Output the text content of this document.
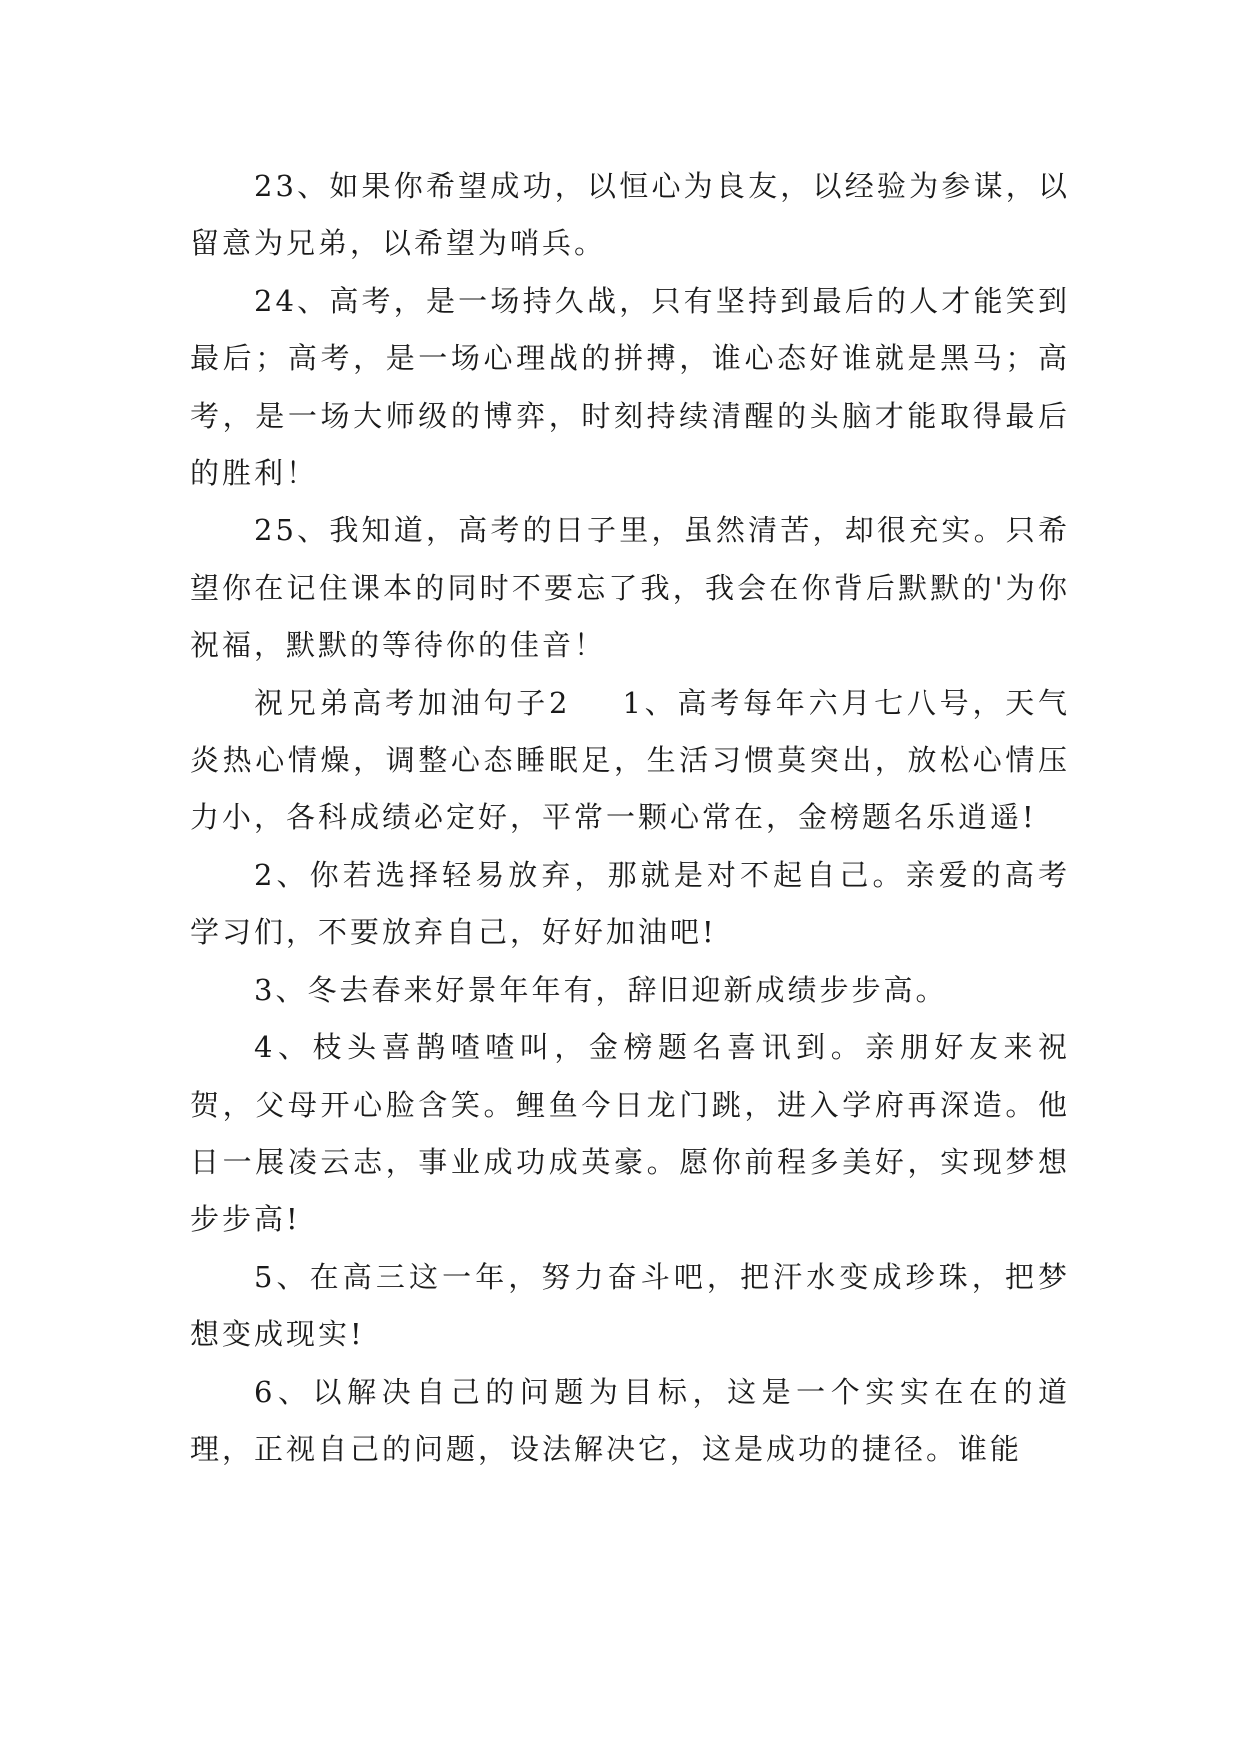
23、如果你希望成功，以恒心为良友，以经验为参谋，以留意为兄弟，以希望为哨兵。

24、高考，是一场持久战，只有坚持到最后的人才能笑到最后；高考，是一场心理战的拼搏，谁心态好谁就是黑马；高考，是一场大师级的博弈，时刻持续清醒的头脑才能取得最后的胜利！

25、我知道，高考的日子里，虽然清苦，却很充实。只希望你在记住课本的同时不要忘了我，我会在你背后默默的'为你祝福，默默的等待你的佳音！

祝兄弟高考加油句子2 1、高考每年六月七八号，天气炎热心情燥，调整心态睡眠足，生活习惯莫突出，放松心情压力小，各科成绩必定好，平常一颗心常在，金榜题名乐逍遥!

2、你若选择轻易放弃，那就是对不起自己。亲爱的高考学习们，不要放弃自己，好好加油吧!

3、冬去春来好景年年有，辞旧迎新成绩步步高。

4、枝头喜鹊喳喳叫，金榜题名喜讯到。亲朋好友来祝贺，父母开心脸含笑。鲤鱼今日龙门跳，进入学府再深造。他日一展凌云志，事业成功成英豪。愿你前程多美好，实现梦想步步高!

5、在高三这一年，努力奋斗吧，把汗水变成珍珠，把梦想变成现实!

6、以解决自己的问题为目标，这是一个实实在在的道理，正视自己的问题，设法解决它，这是成功的捷径。谁能
